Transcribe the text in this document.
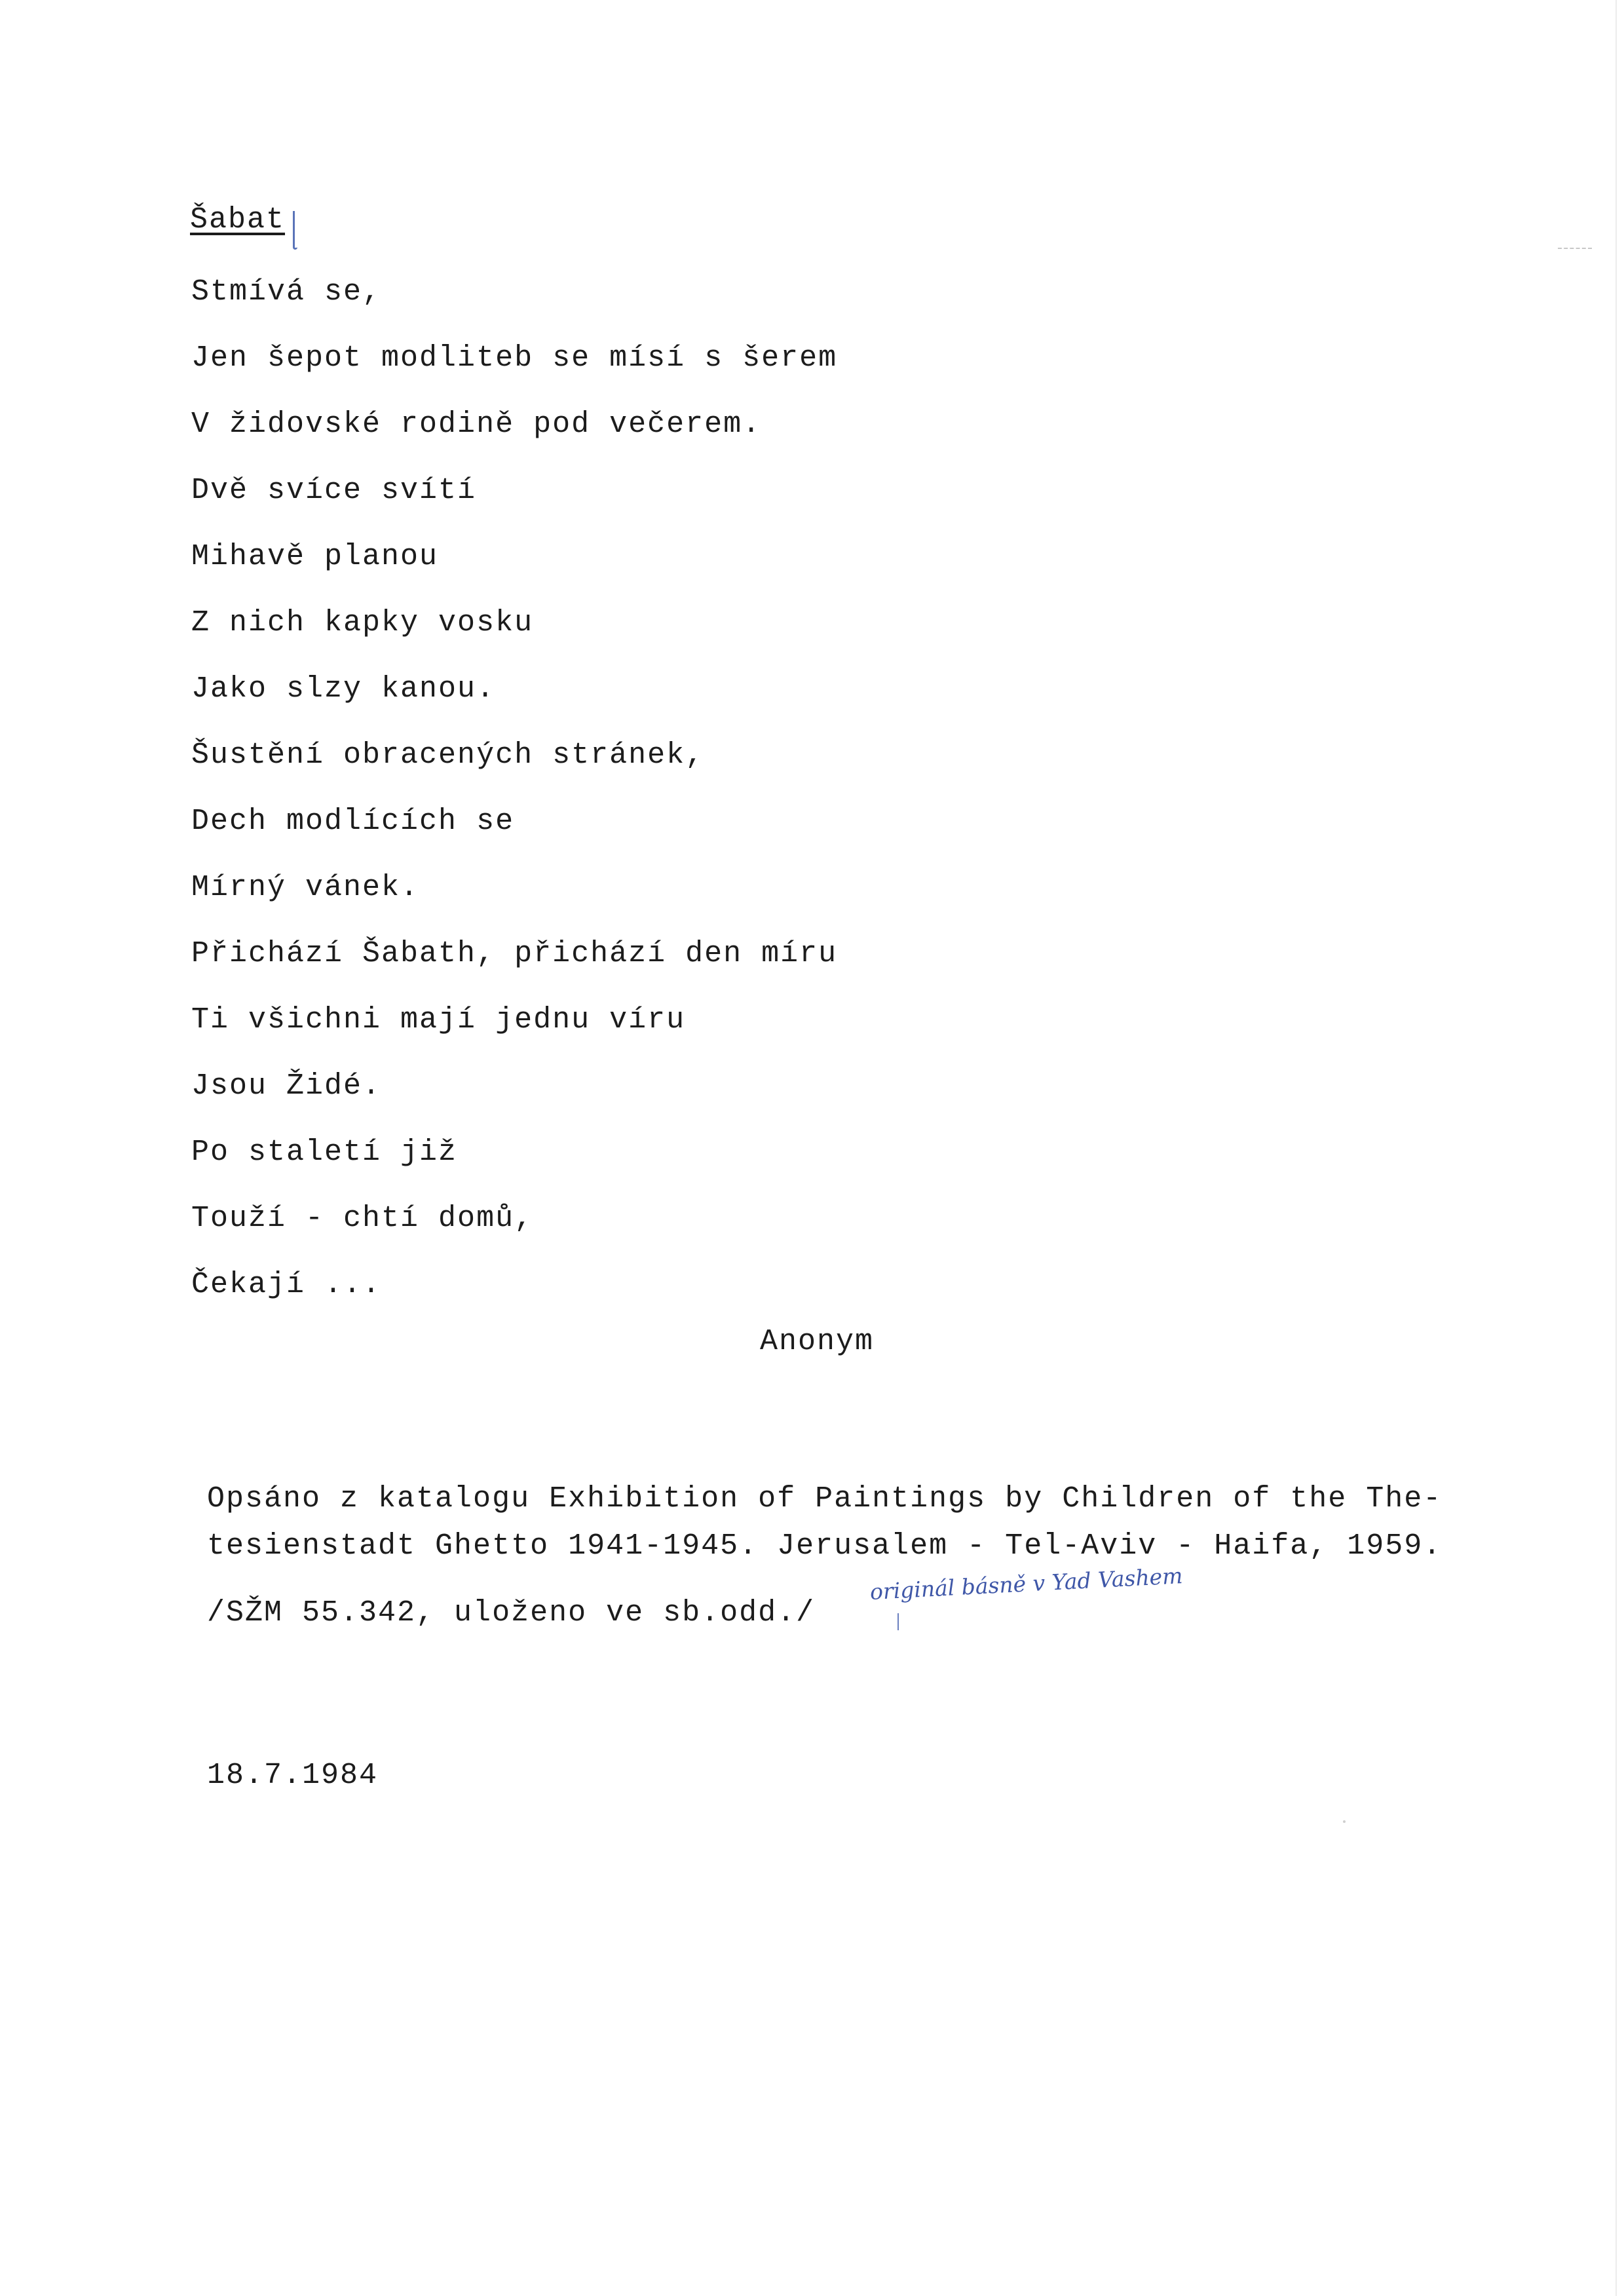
Šabat
Stmívá se,
Jen šepot modliteb se mísí s šerem
V židovské rodině pod večerem.
Dvě svíce svítí
Mihavě planou
Z nich kapky vosku
Jako slzy kanou.
Šustění obracených stránek,
Dech modlících se
Mírný vánek.
Přichází Šabath, přichází den míru
Ti všichni mají jednu víru
Jsou Židé.
Po staletí již
Touží - chtí domů,
Čekají ...
Anonym
Opsáno z katalogu Exhibition of Paintings by Children of the The-
tesienstadt Ghetto 1941-1945. Jerusalem - Tel-Aviv - Haifa, 1959.
/SŽM 55.342, uloženo ve sb.odd./
originál básně v Yad Vashem
18.7.1984
